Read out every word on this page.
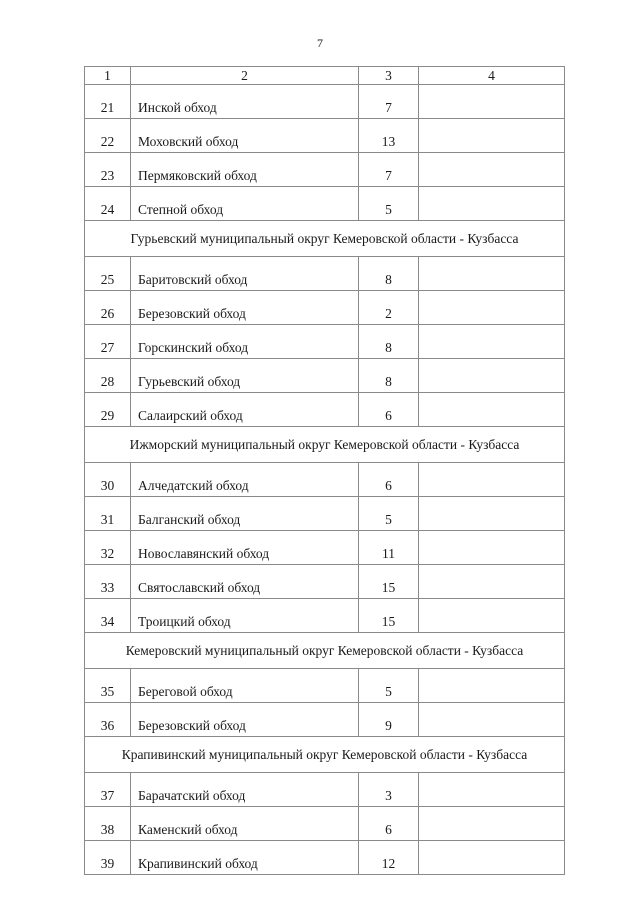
7
1	2	3	4
21	Инской обход	7	
22	Моховский обход	13	
23	Пермяковский обход	7	
24	Степной обход	5	
Гурьевский муниципальный округ Кемеровской области - Кузбасса			
25	Баритовский обход	8	
26	Березовский обход	2	
27	Горскинский обход	8	
28	Гурьевский обход	8	
29	Салаирский обход	6	
Ижморский муниципальный округ Кемеровской области - Кузбасса			
30	Алчедатский обход	6	
31	Балганский обход	5	
32	Новославянский обход	11	
33	Святославский обход	15	
34	Троицкий обход	15	
Кемеровский муниципальный округ Кемеровской области - Кузбасса			
35	Береговой обход	5	
36	Березовский обход	9	
Крапивинский муниципальный округ Кемеровской области - Кузбасса			
37	Барачатский обход	3	
38	Каменский обход	6	
39	Крапивинский обход	12	
